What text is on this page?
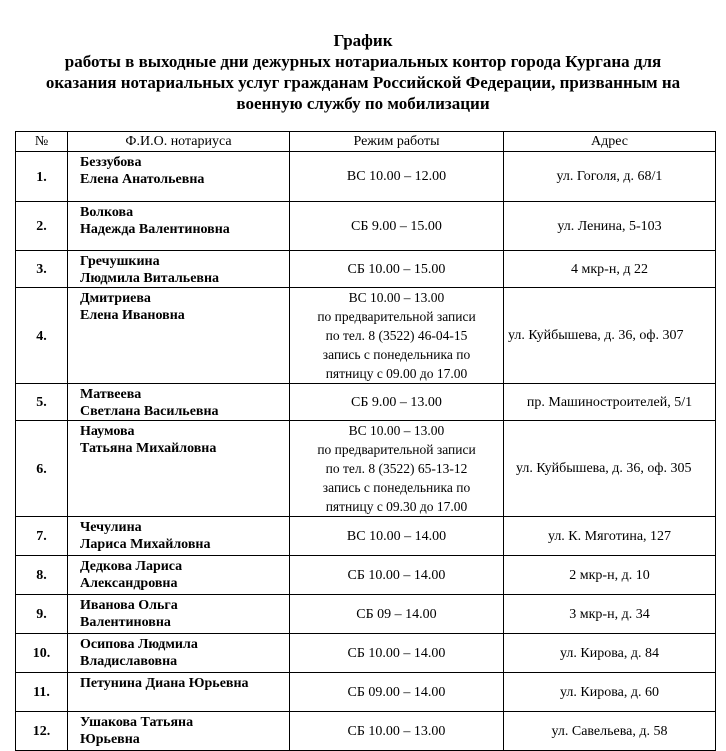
График
работы в выходные дни дежурных нотариальных контор города Кургана для
оказания нотариальных услуг гражданам Российской Федерации, призванным на
военную службу по мобилизации
№	Ф.И.О. нотариуса	Режим работы	Адрес
1.	Беззубова
Елена Анатольевна	ВС 10.00 – 12.00	ул. Гоголя, д. 68/1
2.	Волкова
Надежда Валентиновна	СБ 9.00 – 15.00	ул. Ленина, 5-103
3.	Гречушкина
Людмила Витальевна	СБ 10.00 – 15.00	4 мкр-н, д 22
4.	Дмитриева
Елена Ивановна	ВС 10.00 – 13.00
по предварительной записи
по тел. 8 (3522) 46-04-15
запись с понедельника по
пятницу с 09.00 до 17.00	ул. Куйбышева, д. 36, оф. 307
5.	Матвеева
Светлана Васильевна	СБ 9.00 – 13.00	пр. Машиностроителей, 5/1
6.	Наумова
Татьяна Михайловна	ВС 10.00 – 13.00
по предварительной записи
по тел. 8 (3522) 65-13-12
запись с понедельника по
пятницу с 09.30 до 17.00	ул. Куйбышева, д. 36, оф. 305
7.	Чечулина
Лариса Михайловна	ВС 10.00 – 14.00	ул. К. Мяготина, 127
8.	Дедкова Лариса
Александровна	СБ 10.00 – 14.00	2 мкр-н, д. 10
9.	Иванова Ольга
Валентиновна	СБ 09 – 14.00	3 мкр-н, д. 34
10.	Осипова Людмила
Владиславовна	СБ 10.00 – 14.00	ул. Кирова, д. 84
11.	Петунина Диана Юрьевна	СБ 09.00 – 14.00	ул. Кирова, д. 60
12.	Ушакова Татьяна
Юрьевна	СБ 10.00 – 13.00	ул. Савельева, д. 58
